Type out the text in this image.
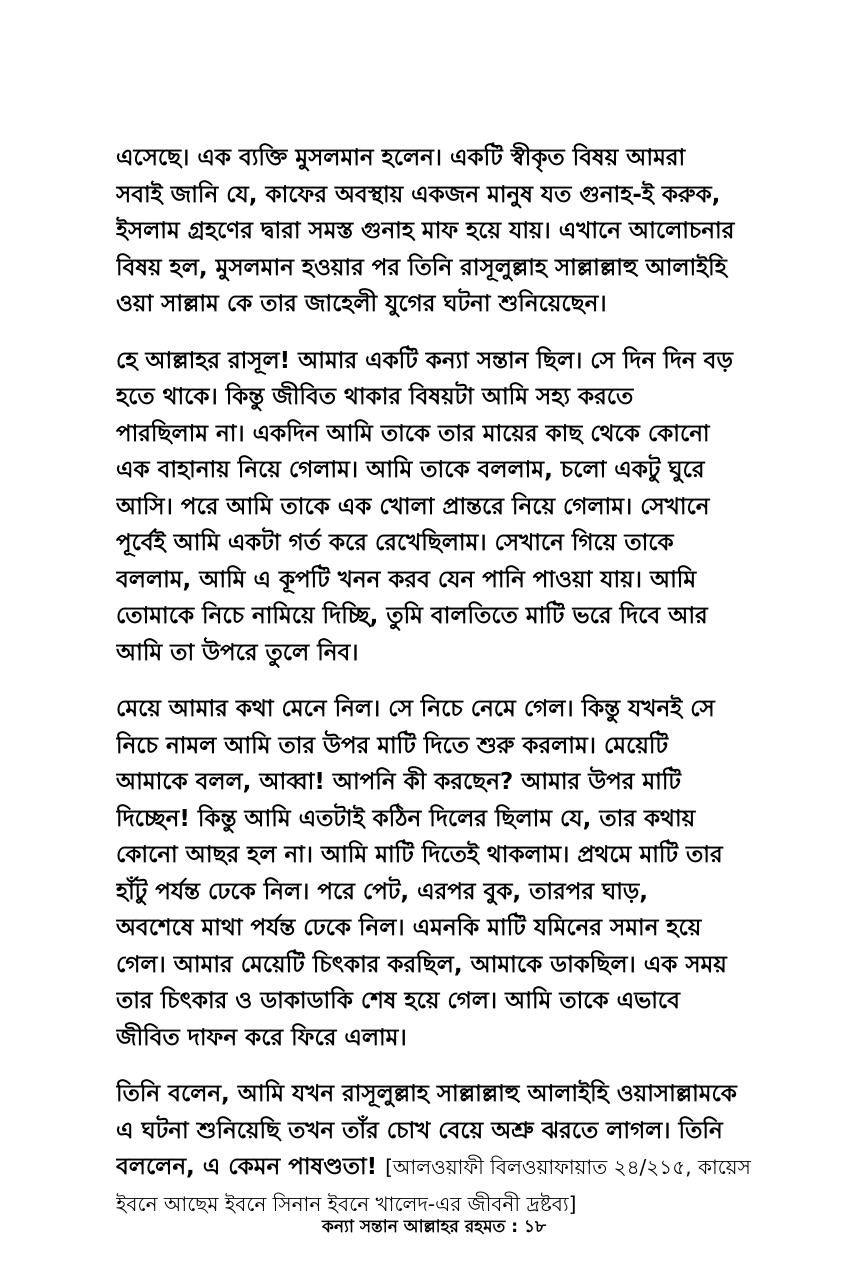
এসেছে। এক ব্যক্তি মুসলমান হলেন। একটি স্বীকৃত বিষয় আমরা
সবাই জানি যে, কাফের অবস্থায় একজন মানুষ যত গুনাহ-ই করুক,
ইসলাম গ্রহণের দ্বারা সমস্ত গুনাহ মাফ হয়ে যায়। এখানে আলোচনার
বিষয় হল, মুসলমান হওয়ার পর তিনি রাসূলুল্লাহ সাল্লাল্লাহু আলাইহি
ওয়া সাল্লাম কে তার জাহেলী যুগের ঘটনা শুনিয়েছেন।

হে আল্লাহর রাসূল! আমার একটি কন্যা সন্তান ছিল। সে দিন দিন বড়
হতে থাকে। কিন্তু জীবিত থাকার বিষয়টা আমি সহ্য করতে
পারছিলাম না। একদিন আমি তাকে তার মায়ের কাছ থেকে কোনো
এক বাহানায় নিয়ে গেলাম। আমি তাকে বললাম, চলো একটু ঘুরে
আসি। পরে আমি তাকে এক খোলা প্রান্তরে নিয়ে গেলাম। সেখানে
পূর্বেই আমি একটা গর্ত করে রেখেছিলাম। সেখানে গিয়ে তাকে
বললাম, আমি এ কূপটি খনন করব যেন পানি পাওয়া যায়। আমি
তোমাকে নিচে নামিয়ে দিচ্ছি, তুমি বালতিতে মাটি ভরে দিবে আর
আমি তা উপরে তুলে নিব।

মেয়ে আমার কথা মেনে নিল। সে নিচে নেমে গেল। কিন্তু যখনই সে
নিচে নামল আমি তার উপর মাটি দিতে শুরু করলাম। মেয়েটি
আমাকে বলল, আব্বা! আপনি কী করছেন? আমার উপর মাটি
দিচ্ছেন! কিন্তু আমি এতটাই কঠিন দিলের ছিলাম যে, তার কথায়
কোনো আছর হল না। আমি মাটি দিতেই থাকলাম। প্রথমে মাটি তার
হাঁটু পর্যন্ত ঢেকে নিল। পরে পেট, এরপর বুক, তারপর ঘাড়,
অবশেষে মাথা পর্যন্ত ঢেকে নিল। এমনকি মাটি যমিনের সমান হয়ে
গেল। আমার মেয়েটি চিৎকার করছিল, আমাকে ডাকছিল। এক সময়
তার চিৎকার ও ডাকাডাকি শেষ হয়ে গেল। আমি তাকে এভাবে
জীবিত দাফন করে ফিরে এলাম।

তিনি বলেন, আমি যখন রাসূলুল্লাহ সাল্লাল্লাহু আলাইহি ওয়াসাল্লামকে
এ ঘটনা শুনিয়েছি তখন তাঁর চোখ বেয়ে অশ্রু ঝরতে লাগল। তিনি
বললেন, এ কেমন পাষণ্ডতা! [আলওয়াফী বিলওয়াফায়াত ২৪/২১৫, কায়েস
ইবনে আছেম ইবনে সিনান ইবনে খালেদ-এর জীবনী দ্রষ্টব্য]

কন্যা সন্তান আল্লাহর রহমত : ১৮
